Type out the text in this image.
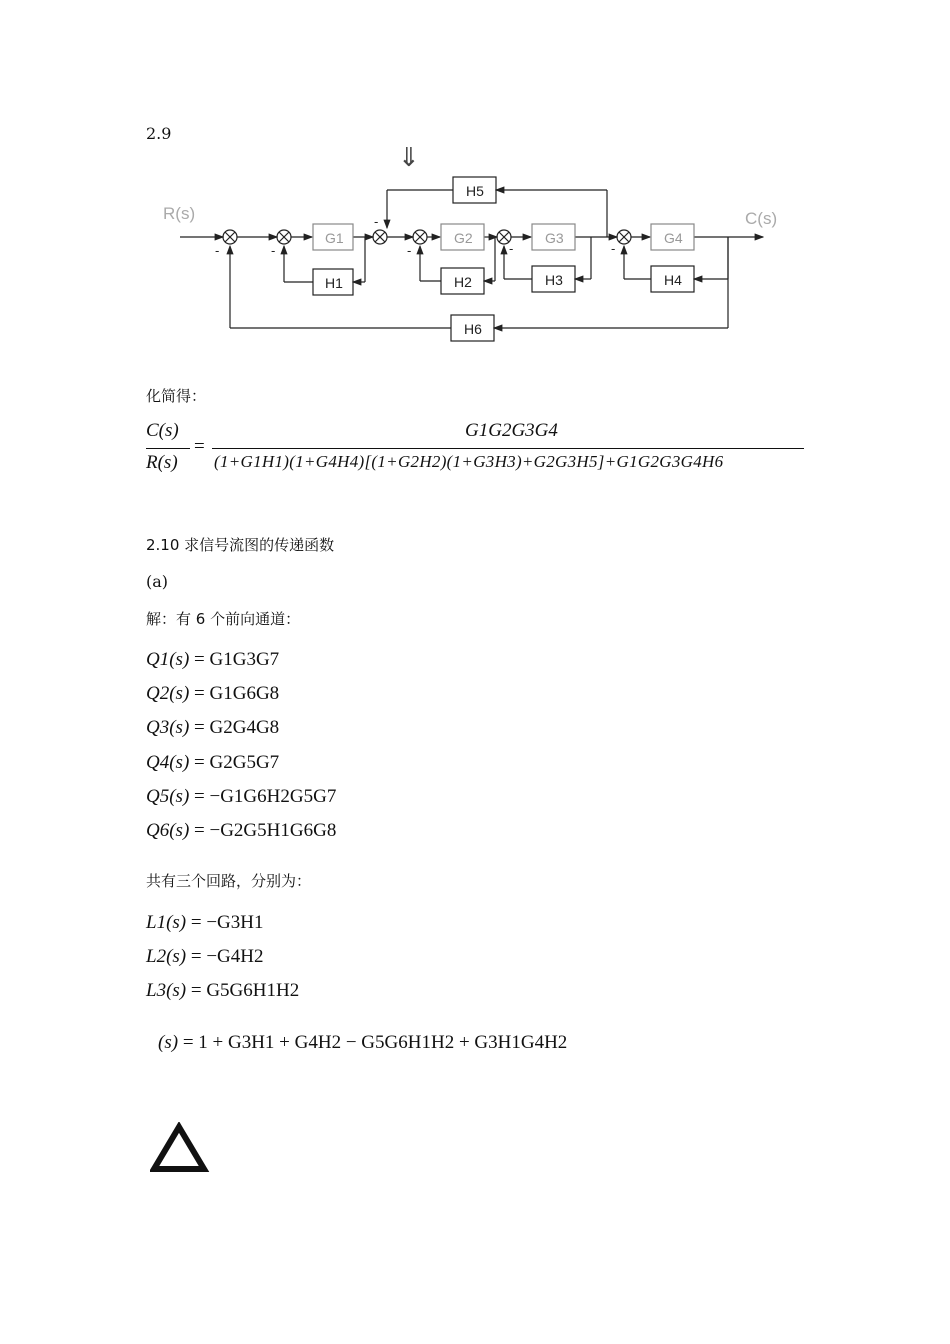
2.9
⇓
R(s)	C(s)
G1	G2	G3	G4
H1	H2	H3	H4
H5
H6
-	-
-
-	-	-
化简得：
C(s)
R(s)
=
G1G2G3G4
(1+G1H1)(1+G4H4)[(1+G2H2)(1+G3H3)+G2G3H5]+G1G2G3G4H6
2.10 求信号流图的传递函数
(a)
解：有 6 个前向通道：
Q1(s) = G1G3G7
Q2(s) = G1G6G8
Q3(s) = G2G4G8
Q4(s) = G2G5G7
Q5(s) = −G1G6H2G5G7
Q6(s) = −G2G5H1G6G8
共有三个回路，分别为：
L1(s) = −G3H1
L2(s) = −G4H2
L3(s) = G5G6H1H2
(s) = 1 + G3H1 + G4H2 − G5G6H1H2 + G3H1G4H2
